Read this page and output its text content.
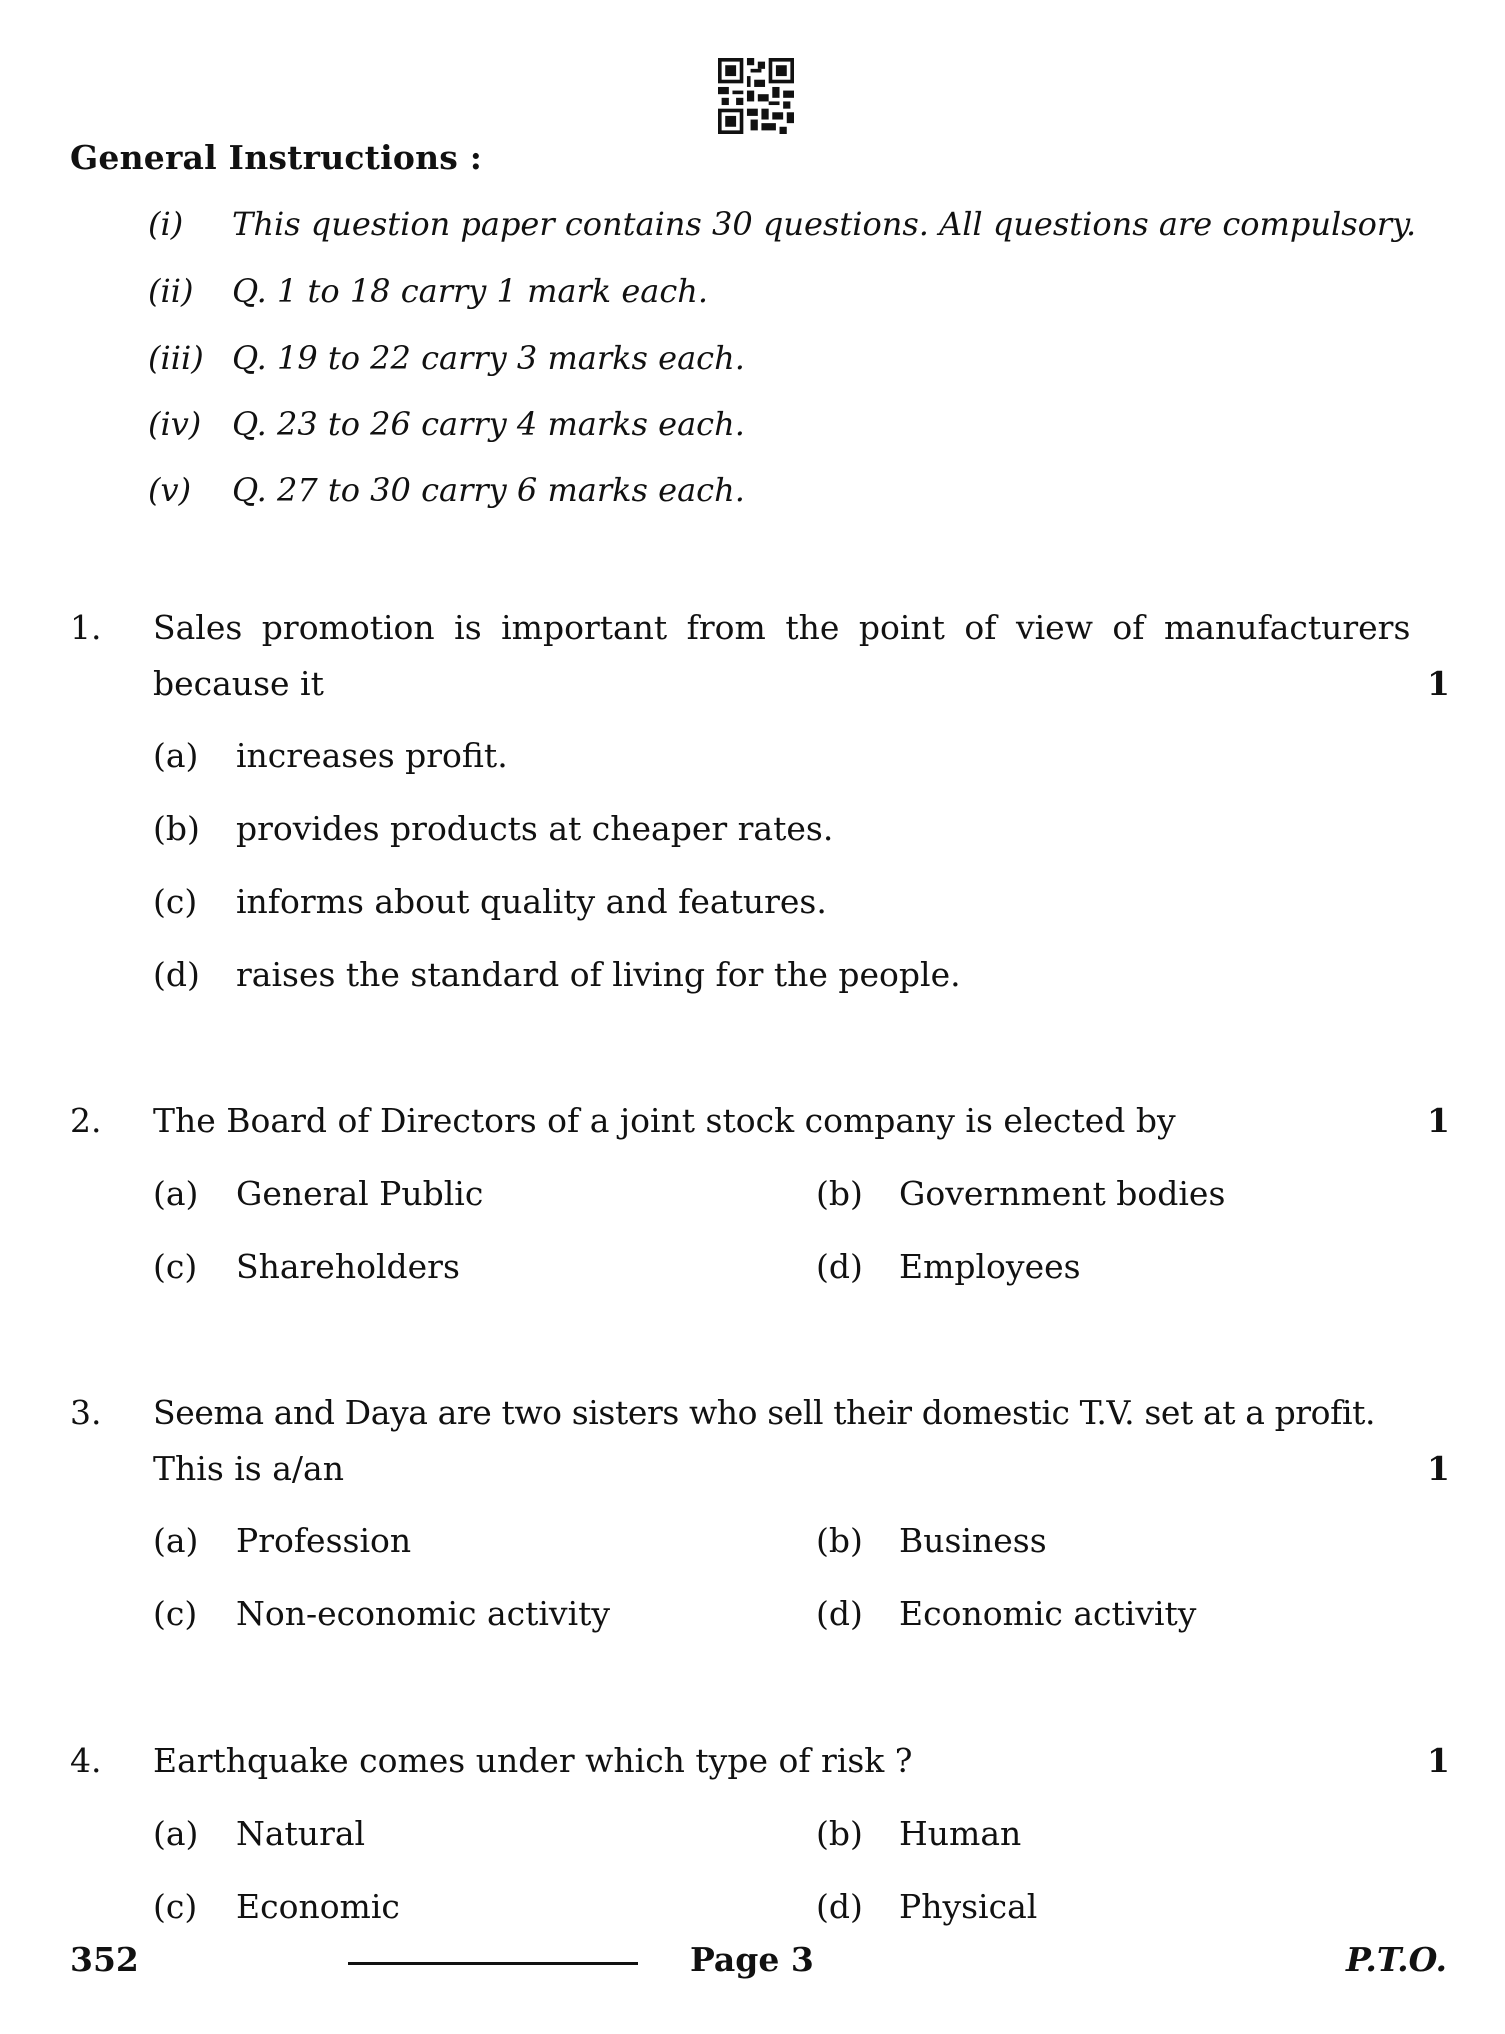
General Instructions :
(i) This question paper contains 30 questions. All questions are compulsory.
(ii) Q. 1 to 18 carry 1 mark each.
(iii) Q. 19 to 22 carry 3 marks each.
(iv) Q. 23 to 26 carry 4 marks each.
(v) Q. 27 to 30 carry 6 marks each.
1. Sales promotion is important from the point of view of manufacturers
because it	1
(a) increases profit.
(b) provides products at cheaper rates.
(c) informs about quality and features.
(d) raises the standard of living for the people.
2. The Board of Directors of a joint stock company is elected by	1
(a) General Public	(b) Government bodies
(c) Shareholders	(d) Employees
3. Seema and Daya are two sisters who sell their domestic T.V. set at a profit.
This is a/an	1
(a) Profession	(b) Business
(c) Non-economic activity	(d) Economic activity
4. Earthquake comes under which type of risk ?	1
(a) Natural	(b) Human
(c) Economic	(d) Physical
352	Page 3	P.T.O.
